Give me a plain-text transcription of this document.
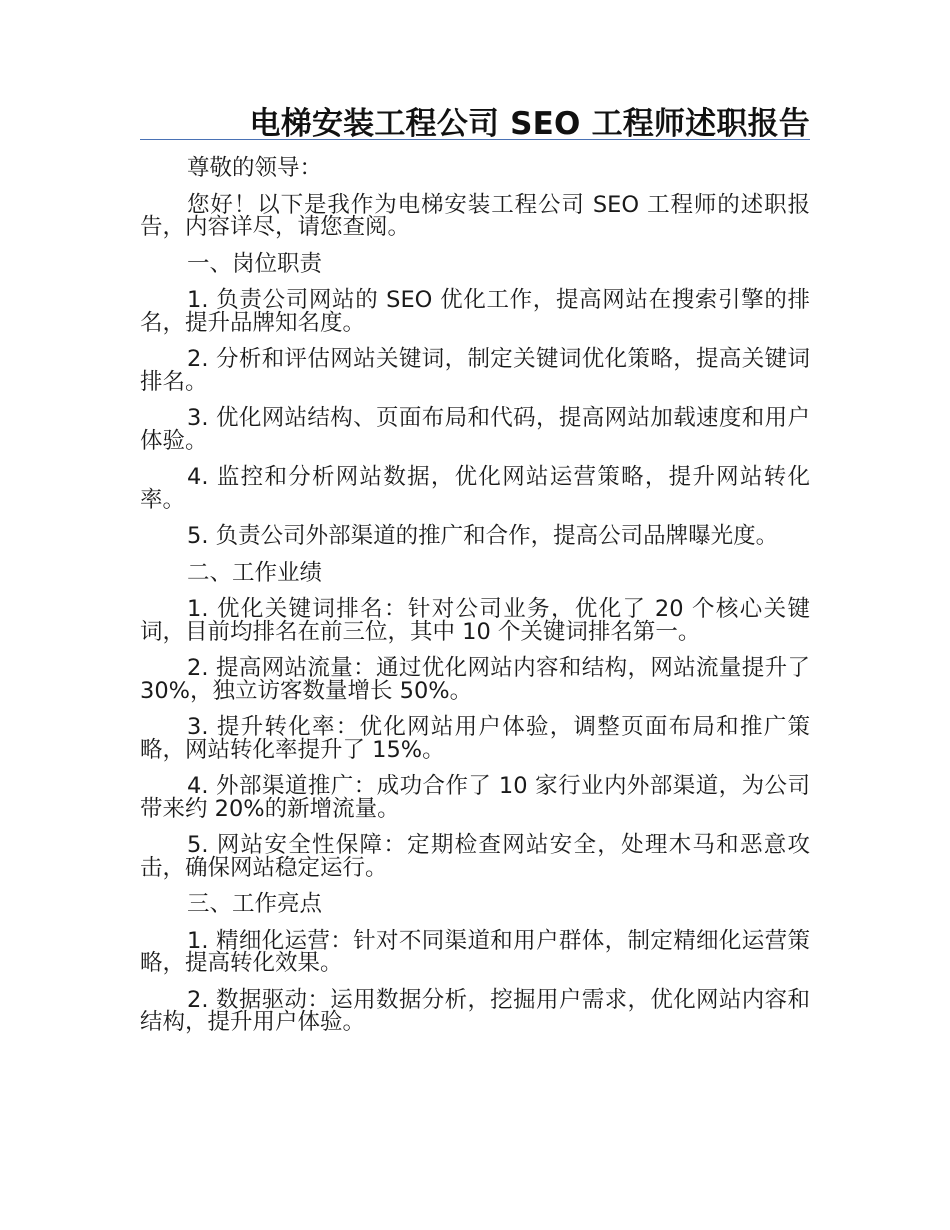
电梯安装工程公司 SEO 工程师述职报告

尊敬的领导：

您好！以下是我作为电梯安装工程公司 SEO 工程师的述职报告，内容详尽，请您查阅。

一、岗位职责

1. 负责公司网站的 SEO 优化工作，提高网站在搜索引擎的排名，提升品牌知名度。

2. 分析和评估网站关键词，制定关键词优化策略，提高关键词排名。

3. 优化网站结构、页面布局和代码，提高网站加载速度和用户体验。

4. 监控和分析网站数据，优化网站运营策略，提升网站转化率。

5. 负责公司外部渠道的推广和合作，提高公司品牌曝光度。

二、工作业绩

1. 优化关键词排名：针对公司业务，优化了 20 个核心关键词，目前均排名在前三位，其中 10 个关键词排名第一。

2. 提高网站流量：通过优化网站内容和结构，网站流量提升了 30%，独立访客数量增长 50%。

3. 提升转化率：优化网站用户体验，调整页面布局和推广策略，网站转化率提升了 15%。

4. 外部渠道推广：成功合作了 10 家行业内外部渠道，为公司带来约 20%的新增流量。

5. 网站安全性保障：定期检查网站安全，处理木马和恶意攻击，确保网站稳定运行。

三、工作亮点

1. 精细化运营：针对不同渠道和用户群体，制定精细化运营策略，提高转化效果。

2. 数据驱动：运用数据分析，挖掘用户需求，优化网站内容和结构，提升用户体验。
